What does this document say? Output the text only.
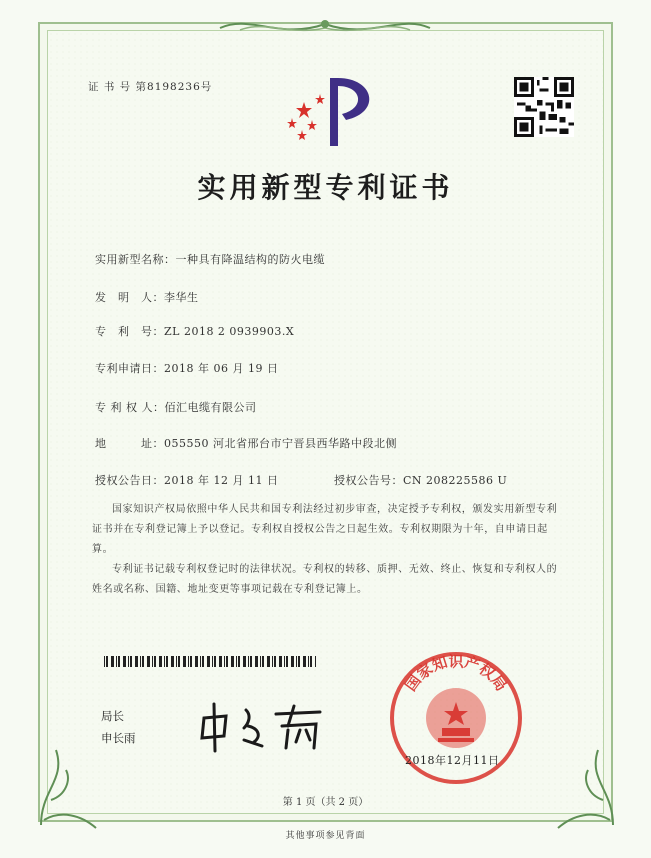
证 书 号 第8198236号
实用新型专利证书
实用新型名称：一种具有降温结构的防火电缆
发　明　人：李华生
专　利　号：ZL 2018 2 0939903.X
专利申请日：2018 年 06 月 19 日
专 利 权 人：佰汇电缆有限公司
地　　　址：055550 河北省邢台市宁晋县西华路中段北侧
授权公告日：2018 年 12 月 11 日	授权公告号：CN 208225586 U
国家知识产权局依照中华人民共和国专利法经过初步审查，决定授予专利权，颁发实用新型专利证书并在专利登记簿上予以登记。专利权自授权公告之日起生效。专利权期限为十年，自申请日起算。
专利证书记载专利权登记时的法律状况。专利权的转移、质押、无效、终止、恢复和专利权人的姓名或名称、国籍、地址变更等事项记载在专利登记簿上。
局长
申长雨
国家知识产权局
2018年12月11日
第 1 页（共 2 页）
其他事项参见背面
